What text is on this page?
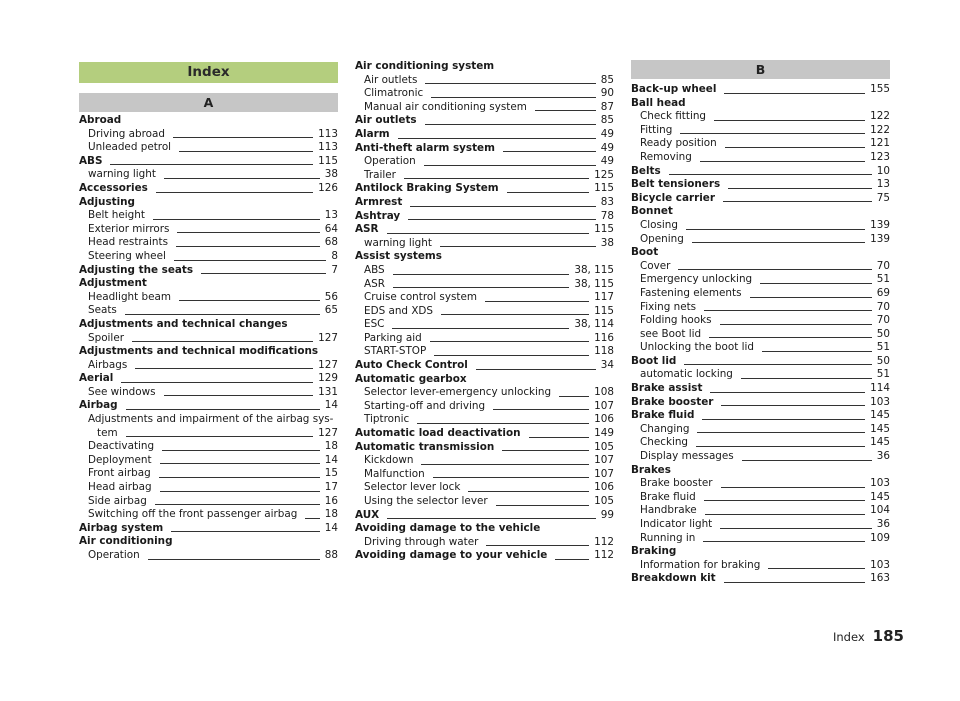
Index
A
Abroad
Driving abroad	113
Unleaded petrol	113
ABS	115
warning light	38
Accessories	126
Adjusting
Belt height	13
Exterior mirrors	64
Head restraints	68
Steering wheel	8
Adjusting the seats	7
Adjustment
Headlight beam	56
Seats	65
Adjustments and technical changes
Spoiler	127
Adjustments and technical modifications
Airbags	127
Aerial	129
See windows	131
Airbag	14
Adjustments and impairment of the airbag sys-
tem	127
Deactivating	18
Deployment	14
Front airbag	15
Head airbag	17
Side airbag	16
Switching off the front passenger airbag	18
Airbag system	14
Air conditioning
Operation	88
Air conditioning system
Air outlets	85
Climatronic	90
Manual air conditioning system	87
Air outlets	85
Alarm	49
Anti-theft alarm system	49
Operation	49
Trailer	125
Antilock Braking System	115
Armrest	83
Ashtray	78
ASR	115
warning light	38
Assist systems
ABS	38, 115
ASR	38, 115
Cruise control system	117
EDS and XDS	115
ESC	38, 114
Parking aid	116
START-STOP	118
Auto Check Control	34
Automatic gearbox
Selector lever-emergency unlocking	108
Starting-off and driving	107
Tiptronic	106
Automatic load deactivation	149
Automatic transmission	105
Kickdown	107
Malfunction	107
Selector lever lock	106
Using the selector lever	105
AUX	99
Avoiding damage to the vehicle
Driving through water	112
Avoiding damage to your vehicle	112
B
Back-up wheel	155
Ball head
Check fitting	122
Fitting	122
Ready position	121
Removing	123
Belts	10
Belt tensioners	13
Bicycle carrier	75
Bonnet
Closing	139
Opening	139
Boot
Cover	70
Emergency unlocking	51
Fastening elements	69
Fixing nets	70
Folding hooks	70
see Boot lid	50
Unlocking the boot lid	51
Boot lid	50
automatic locking	51
Brake assist	114
Brake booster	103
Brake fluid	145
Changing	145
Checking	145
Display messages	36
Brakes
Brake booster	103
Brake fluid	145
Handbrake	104
Indicator light	36
Running in	109
Braking
Information for braking	103
Breakdown kit	163
Index 185
